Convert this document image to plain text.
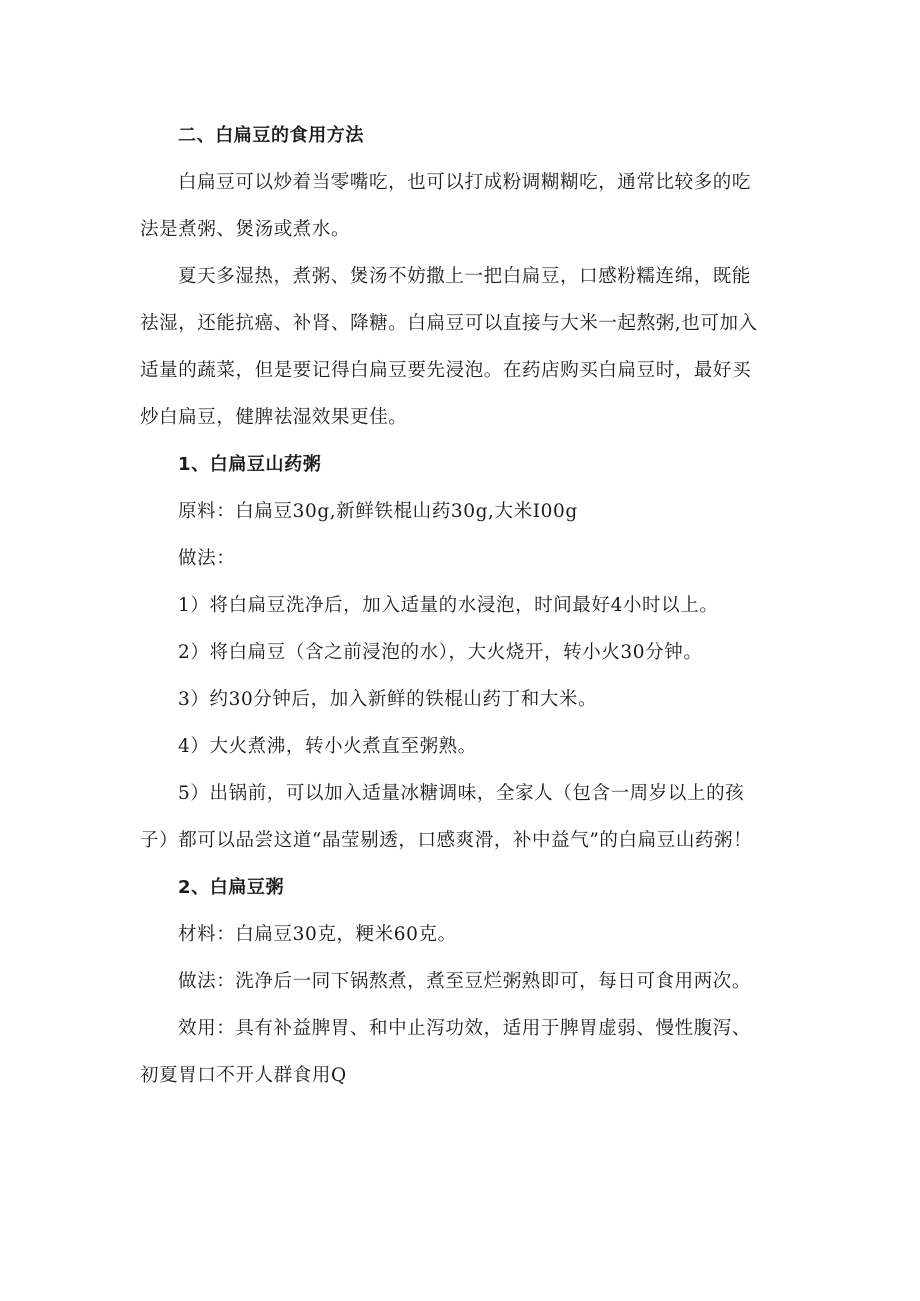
二、白扁豆的食用方法
白扁豆可以炒着当零嘴吃，也可以打成粉调糊糊吃，通常比较多的吃
法是煮粥、煲汤或煮水。
夏天多湿热，煮粥、煲汤不妨撒上一把白扁豆，口感粉糯连绵，既能
祛湿，还能抗癌、补肾、降糖。白扁豆可以直接与大米一起熬粥,也可加入
适量的蔬菜，但是要记得白扁豆要先浸泡。在药店购买白扁豆时，最好买
炒白扁豆，健脾祛湿效果更佳。
1、白扁豆山药粥
原料：白扁豆30g,新鲜铁棍山药30g,大米I00g
做法：
1）将白扁豆洗净后，加入适量的水浸泡，时间最好4小时以上。
2）将白扁豆（含之前浸泡的水），大火烧开，转小火30分钟。
3）约30分钟后，加入新鲜的铁棍山药丁和大米。
4）大火煮沸，转小火煮直至粥熟。
5）出锅前，可以加入适量冰糖调味，全家人（包含一周岁以上的孩
子）都可以品尝这道“晶莹剔透，口感爽滑，补中益气”的白扁豆山药粥！
2、白扁豆粥
材料：白扁豆30克，粳米60克。
做法：洗净后一同下锅熬煮，煮至豆烂粥熟即可，每日可食用两次。
效用：具有补益脾胃、和中止泻功效，适用于脾胃虚弱、慢性腹泻、
初夏胃口不开人群食用Q
